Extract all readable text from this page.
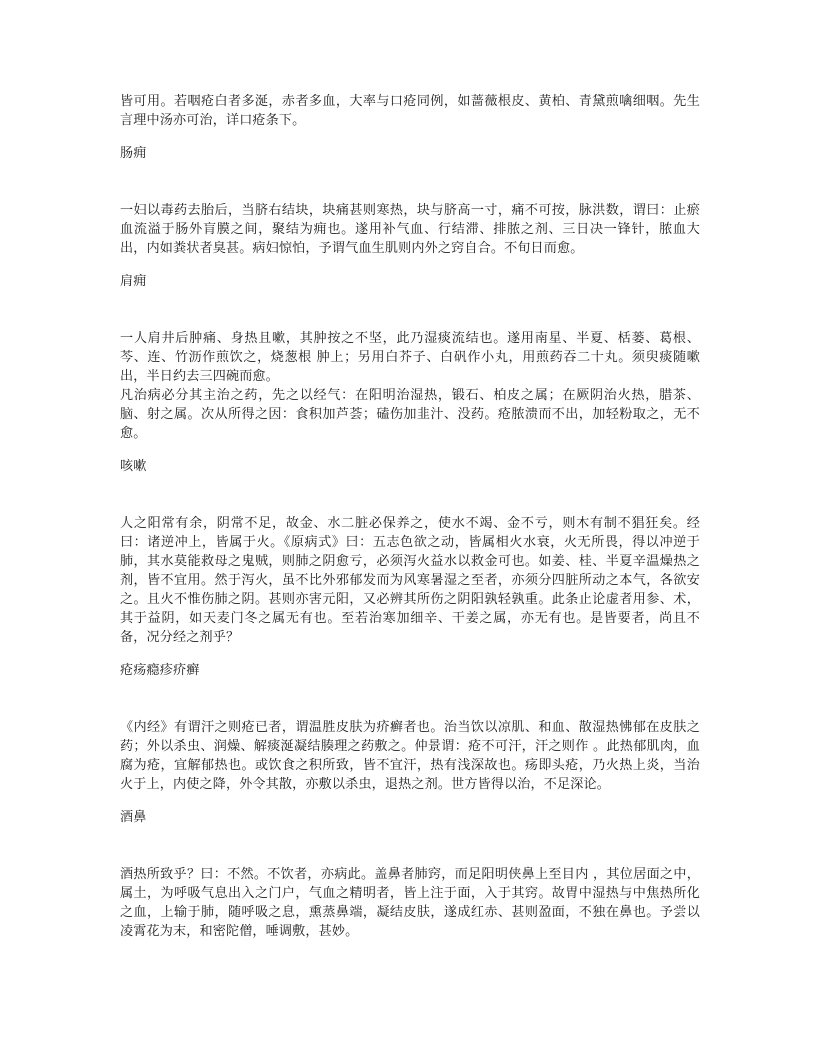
皆可用。若咽疮白者多涎，赤者多血，大率与口疮同例，如蔷薇根皮、黄柏、青黛煎噙细咽。先生言理中汤亦可治，详口疮条下。

肠痈

一妇以毒药去胎后，当脐右结块，块痛甚则寒热，块与脐高一寸，痛不可按，脉洪数，谓曰：止瘀血流溢于肠外肓膜之间，聚结为痈也。遂用补气血、行结滞、排脓之剂、三日决一锋针，脓血大出，内如粪状者臭甚。病妇惊怕，予谓气血生肌则内外之窍自合。不旬日而愈。

肩痈

一人肩井后肿痛、身热且嗽，其肿按之不坚，此乃湿痰流结也。遂用南星、半夏、栝蒌、葛根、芩、连、竹沥作煎饮之，烧葱根 肿上；另用白芥子、白矾作小丸，用煎药吞二十丸。须臾痰随嗽出，半日约去三四碗而愈。

凡治病必分其主治之药，先之以经气：在阳明治湿热，锻石、柏皮之属；在厥阴治火热，腊茶、脑、射之属。次从所得之因：食积加芦荟；磕伤加韭汁、没药。疮脓溃而不出，加轻粉取之，无不愈。

咳嗽

人之阳常有余，阴常不足，故金、水二脏必保养之，使水不竭、金不亏，则木有制不猖狂矣。经曰：诸逆冲上，皆属于火。《原病式》曰：五志色欲之动，皆属相火水衰，火无所畏，得以冲逆于肺，其水莫能救母之鬼贼，则肺之阴愈亏，必须泻火益水以救金可也。如姜、桂、半夏辛温燥热之剂，皆不宜用。然于泻火，虽不比外邪郁发而为风寒暑湿之至者，亦须分四脏所动之本气，各欲安之。且火不惟伤肺之阴。甚则亦害元阳，又必辨其所伤之阴阳孰轻孰重。此条止论虚者用参、术，其于益阴，如天麦门冬之属无有也。至若治寒加细辛、干姜之属，亦无有也。是皆要者，尚且不备，况分经之剂乎？

疮疡瘾疹疥癣

《内经》有谓汗之则疮已者，谓温胜皮肤为疥癣者也。治当饮以凉肌、和血、散湿热怫郁在皮肤之药；外以杀虫、润燥、解痰涎凝结腠理之药敷之。仲景谓：疮不可汗，汗之则作 。此热郁肌肉，血腐为疮，宜解郁热也。或饮食之积所致，皆不宜汗，热有浅深故也。疡即头疮，乃火热上炎，当治火于上，内使之降，外令其散，亦敷以杀虫，退热之剂。世方皆得以治，不足深论。

酒鼻

酒热所致乎？曰：不然。不饮者，亦病此。盖鼻者肺窍，而足阳明侠鼻上至目内 ，其位居面之中，属土，为呼吸气息出入之门户，气血之精明者，皆上注于面，入于其窍。故胃中湿热与中焦热所化之血，上输于肺，随呼吸之息，熏蒸鼻端，凝结皮肤，遂成红赤、甚则盈面，不独在鼻也。予尝以凌霄花为末，和密陀僧，唾调敷，甚妙。
